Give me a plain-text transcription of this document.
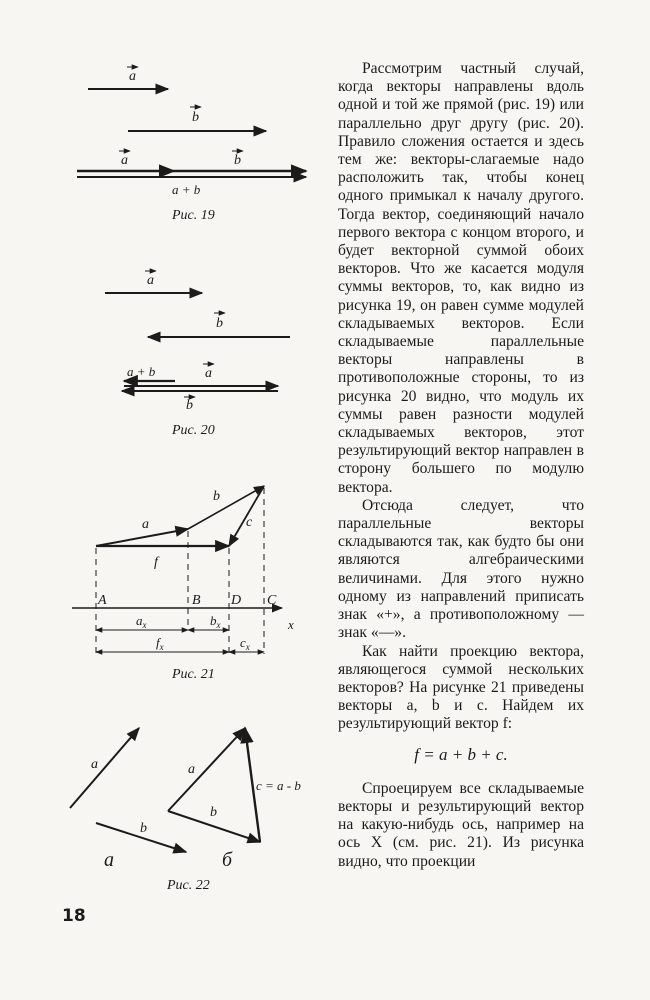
a
b
a	b
a + b
Рис. 19
a
b
a + b	a
b
Рис. 20
a
b
c
f
x
A	B D C
$a_x$	$b_x$
$c_x$
$f_x$
Рис. 21
a
b
а
a
b
c = a - b
б
Рис. 22

Рассмотрим частный случай, когда векторы направлены вдоль одной и той же прямой (рис. 19) или параллельно друг другу (рис. 20). Правило сложения остается и здесь тем же: векторы-слагаемые надо расположить так, чтобы конец одного примыкал к началу другого. Тогда вектор, соединяющий начало первого вектора с концом второго, и будет векторной суммой обоих векторов. Что же касается модуля суммы векторов, то, как видно из рисунка 19, он равен сумме модулей складываемых векторов. Если складываемые параллельные векторы направлены в противоположные стороны, то из рисунка 20 видно, что модуль их суммы равен разности модулей складываемых векторов, этот результирующий вектор направлен в сторону большего по модулю вектора.

Отсюда следует, что параллельные векторы складываются так, как будто бы они являются алгебраическими величинами. Для этого нужно одному из направлений приписать знак «+», а противоположному — знак «—».

Как найти проекцию вектора, являющегося суммой нескольких векторов? На рисунке 21 приведены векторы a, b и c. Найдем их результирующий вектор f:

f = a + b + c.

Спроецируем все складываемые векторы и результирующий вектор на какую-нибудь ось, например на ось X (см. рис. 21). Из рисунка видно, что проекции

18
